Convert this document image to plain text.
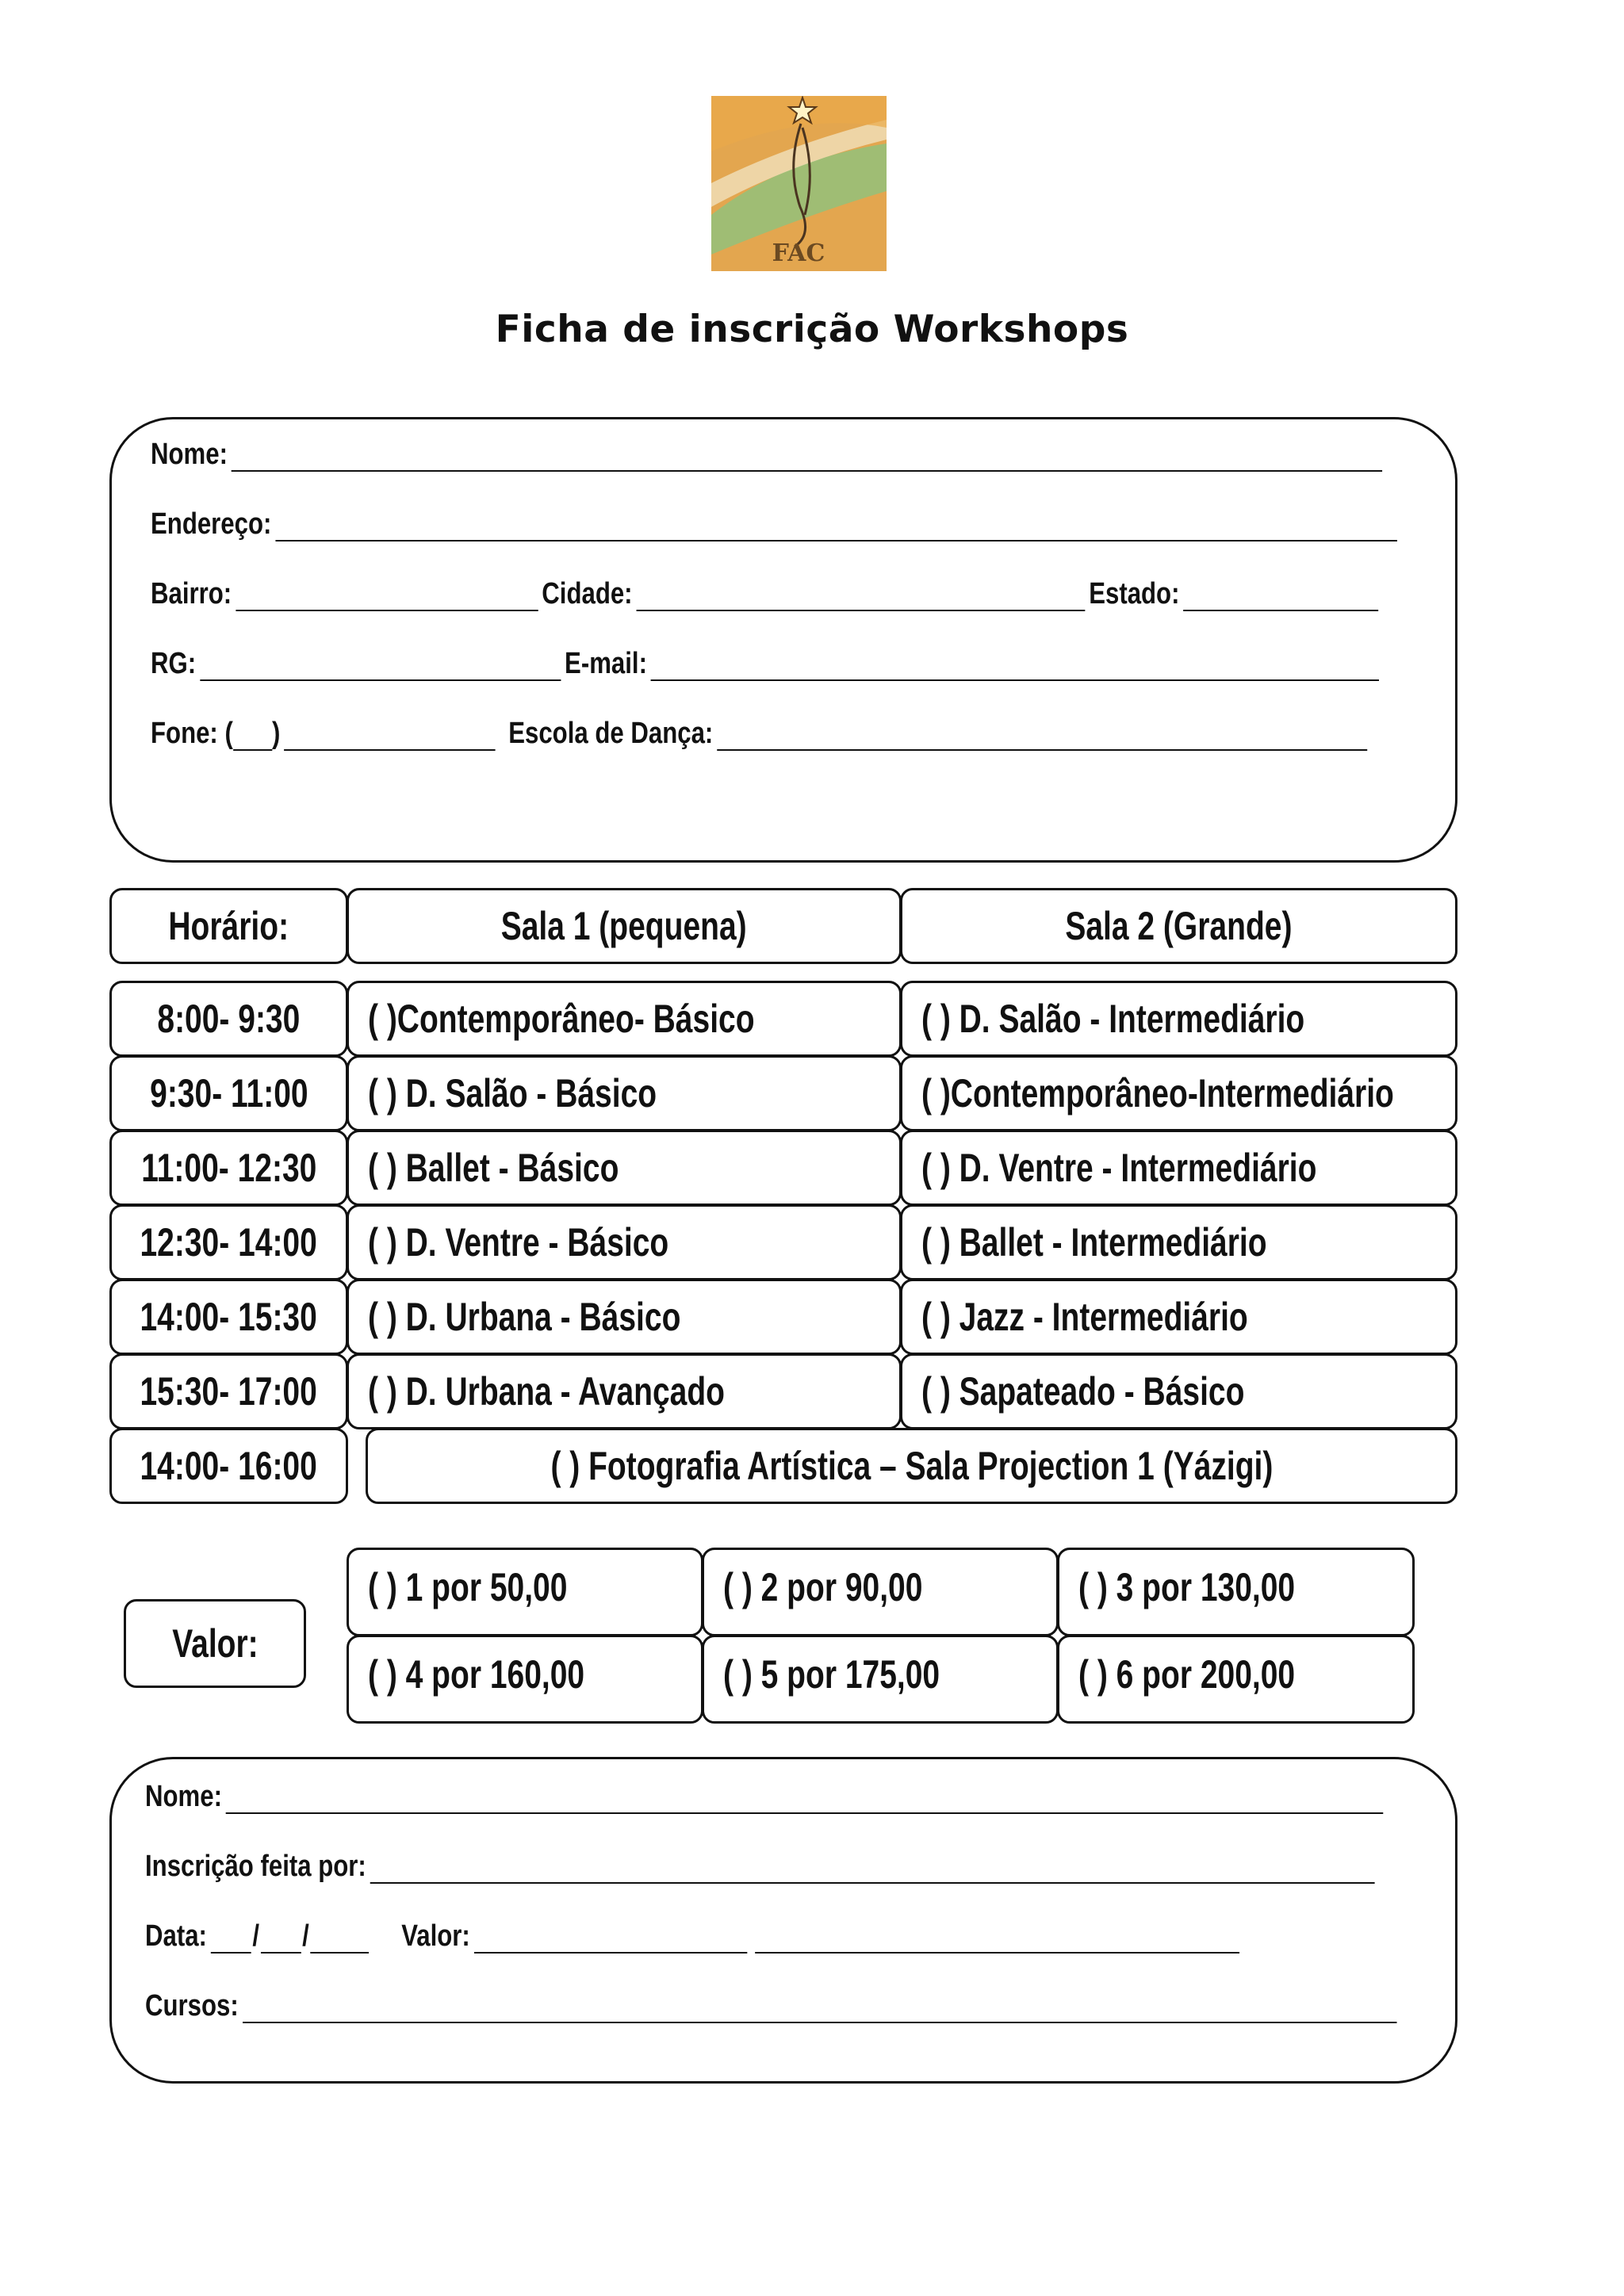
FAC
Ficha de inscrição Workshops
Nome:
Endereço:
Bairro:	Cidade:	Estado:
RG:	E-mail:
Fone: ( )	Escola de Dança:
Horário:	Sala 1 (pequena)	Sala 2 (Grande)
8:00- 9:30 ( )Contemporâneo- Básico	( ) D. Salão - Intermediário
9:30- 11:00 ( ) D. Salão - Básico	( )Contemporâneo-Intermediário
11:00- 12:30 ( ) Ballet - Básico	( ) D. Ventre - Intermediário
12:30- 14:00 ( ) D. Ventre - Básico	( ) Ballet - Intermediário
14:00- 15:30 ( ) D. Urbana - Básico	( ) Jazz - Intermediário
15:30- 17:00 ( ) D. Urbana - Avançado	( ) Sapateado - Básico
14:00- 16:00	( ) Fotografia Artística – Sala Projection 1 (Yázigi)
Valor:
( ) 1 por 50,00	( ) 2 por 90,00	( ) 3 por 130,00
( ) 4 por 160,00	( ) 5 por 175,00	( ) 6 por 200,00
Nome:
Inscrição feita por:
Data: / /	Valor:
Cursos:
